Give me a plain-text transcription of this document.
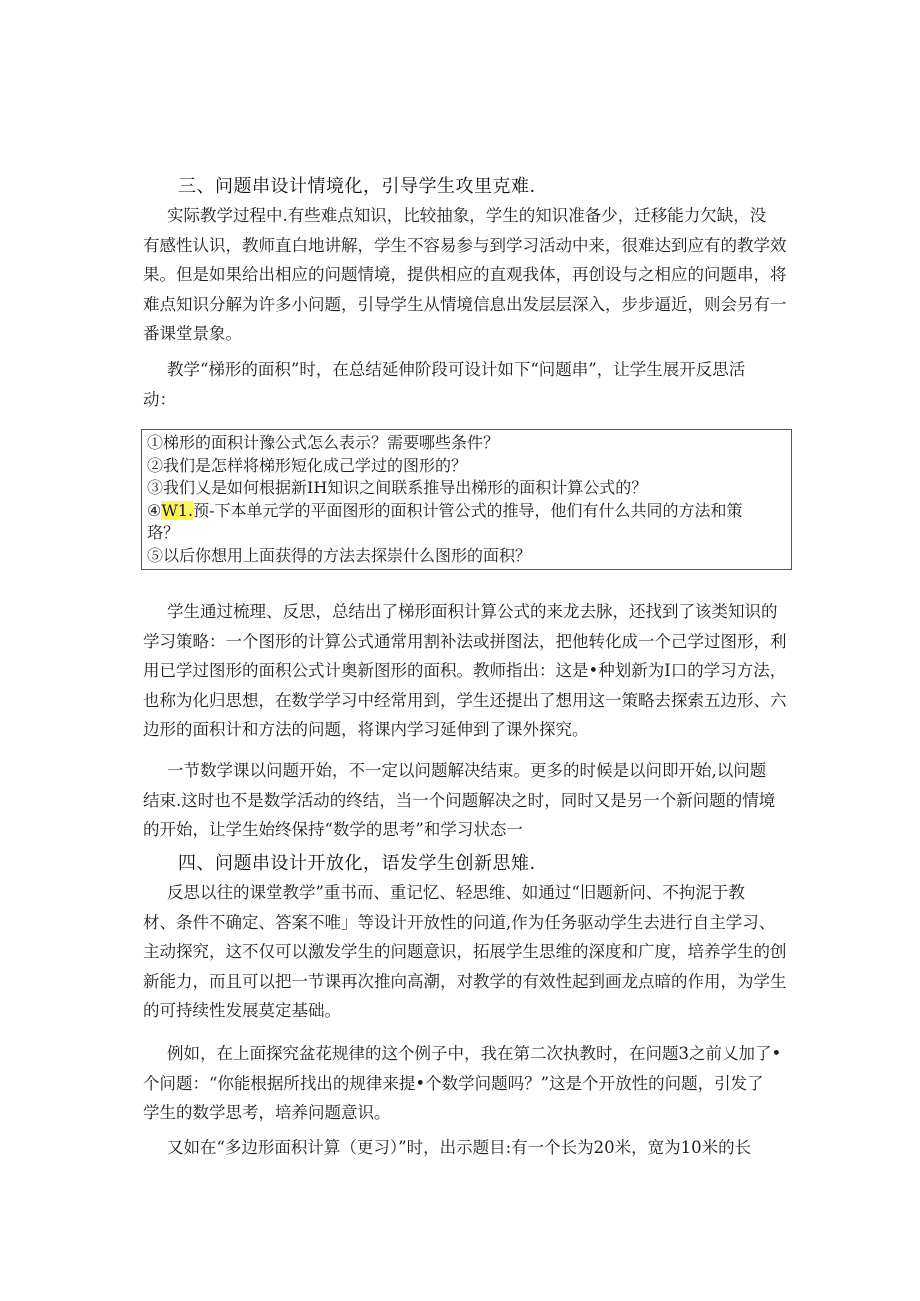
三、问题串设计情境化，引导学生攻里克难.
实际教学过程中.有些难点知识，比较抽象，学生的知识准备少，迁移能力欠缺，没
有感性认识，教师直白地讲解，学生不容易参与到学习活动中来，很难达到应有的教学效
果。但是如果给出相应的问题情境，提供相应的直观我体，再创设与之相应的问题串，将
难点知识分解为许多小问题，引导学生从情境信息出发层层深入，步步逼近，则会另有一
番课堂景象。
教学“梯形的面积”时，在总结延伸阶段可设计如下“问题串”，让学生展开反思活
动：
①梯形的面积计豫公式怎么表示？需要哪些条件？
②我们是怎样将梯形短化成己学过的图形的？
③我们乂是如何根据新IH知识之间联系推导出梯形的面积计算公式的？
④W1.预-下本单元学的平面图形的面积计管公式的推导，他们有什么共同的方法和策
珞？
⑤以后你想用上面获得的方法去探崇什么图形的面积？
学生通过梳理、反思，总结出了梯形面积计算公式的来龙去脉，还找到了该类知识的
学习策略：一个图形的计算公式通常用割补法或拼图法，把他转化成一个己学过图形，利
用已学过图形的面积公式计奥新图形的面积。教师指出：这是•种划新为I口的学习方法，
也称为化归思想，在数学学习中经常用到，学生还提出了想用这一策略去探索五边形、六
边形的面积计和方法的问题，将课内学习延伸到了课外探究。
一节数学课以问题开始，不一定以问题解决结束。更多的时候是以问即开始,以问题
结束.这时也不是数学活动的终结，当一个问题解决之时，同时又是另一个新问题的情境
的开始，让学生始终保持“数学的思考”和学习状态一
四、问题串设计开放化，语发学生创新思雉.
反思以往的课堂教学”重书而、重记忆、轻思维、如通过“旧题新问、不拘泥于教
材、条件不确定、答案不唯」等设计开放性的问道,作为任务驱动学生去进行自主学习、
主动探究，这不仅可以激发学生的问题意识，拓展学生思维的深度和广度，培养学生的创
新能力，而且可以把一节课再次推向高潮，对教学的有效性起到画龙点暗的作用，为学生
的可持续性发展莫定基础。
例如，在上面探究盆花规律的这个例子中，我在第二次执教时，在问题3之前乂加了•
个问题：“你能根据所找出的规律来提•个数学问题吗？”这是个开放性的问题，引发了
学生的数学思考，培养问题意识。
又如在“多边形面积计算（更习）”时，出示题目:有一个长为20米，宽为10米的长
